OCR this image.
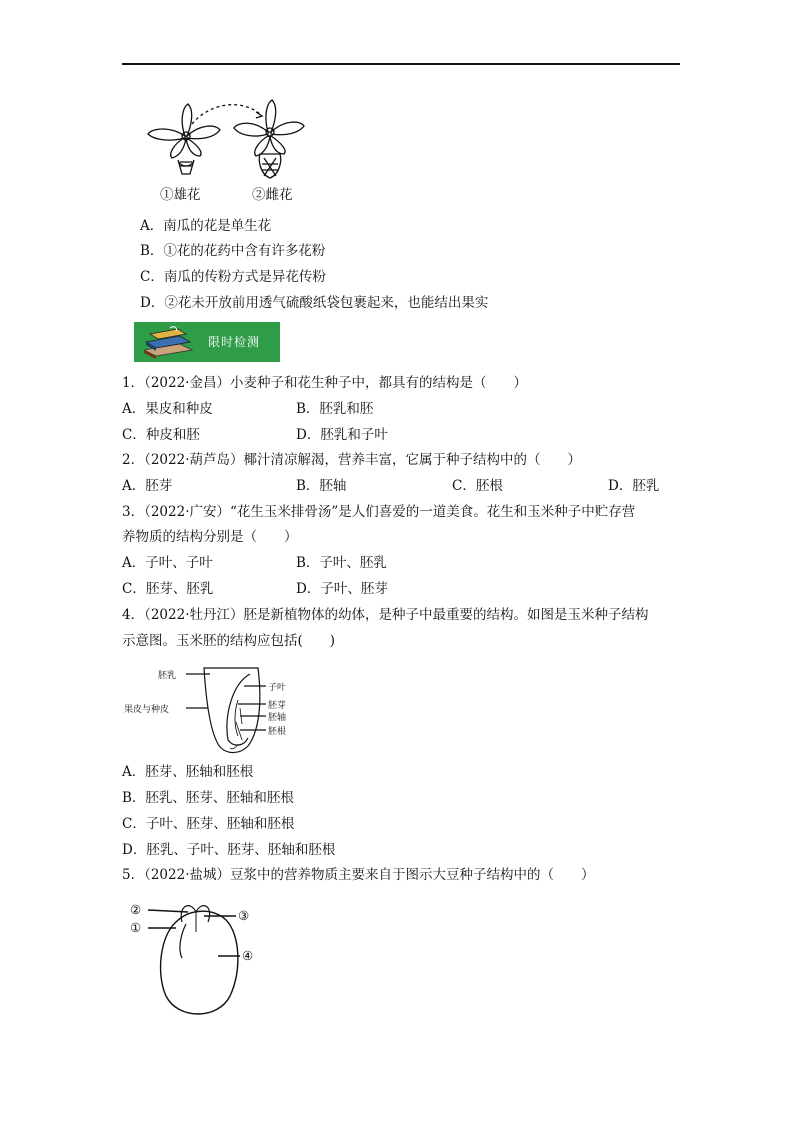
①雄花	②雌花
A．南瓜的花是单生花
B．①花的花药中含有许多花粉
C．南瓜的传粉方式是异花传粉
D．②花未开放前用透气硫酸纸袋包裹起来，也能结出果实
限时检测
1．（2022·金昌）小麦种子和花生种子中，都具有的结构是（　　）
A．果皮和种皮	B．胚乳和胚
C．种皮和胚	D．胚乳和子叶
2．（2022·葫芦岛）椰汁清凉解渴，营养丰富，它属于种子结构中的（　　）
A．胚芽	B．胚轴	C．胚根	D．胚乳
3．（2022·广安）“花生玉米排骨汤”是人们喜爱的一道美食。花生和玉米种子中贮存营
养物质的结构分别是（　　）
A．子叶、子叶	B．子叶、胚乳
C．胚芽、胚乳	D．子叶、胚芽
4．（2022·牡丹江）胚是新植物体的幼体，是种子中最重要的结构。如图是玉米种子结构
示意图。玉米胚的结构应包括(　　)
胚乳
果皮与种皮
子叶
胚芽
胚轴
胚根
A．胚芽、胚轴和胚根
B．胚乳、胚芽、胚轴和胚根
C．子叶、胚芽、胚轴和胚根
D．胚乳、子叶、胚芽、胚轴和胚根
5．（2022·盐城）豆浆中的营养物质主要来自于图示大豆种子结构中的（　　）
②
①
③
④
